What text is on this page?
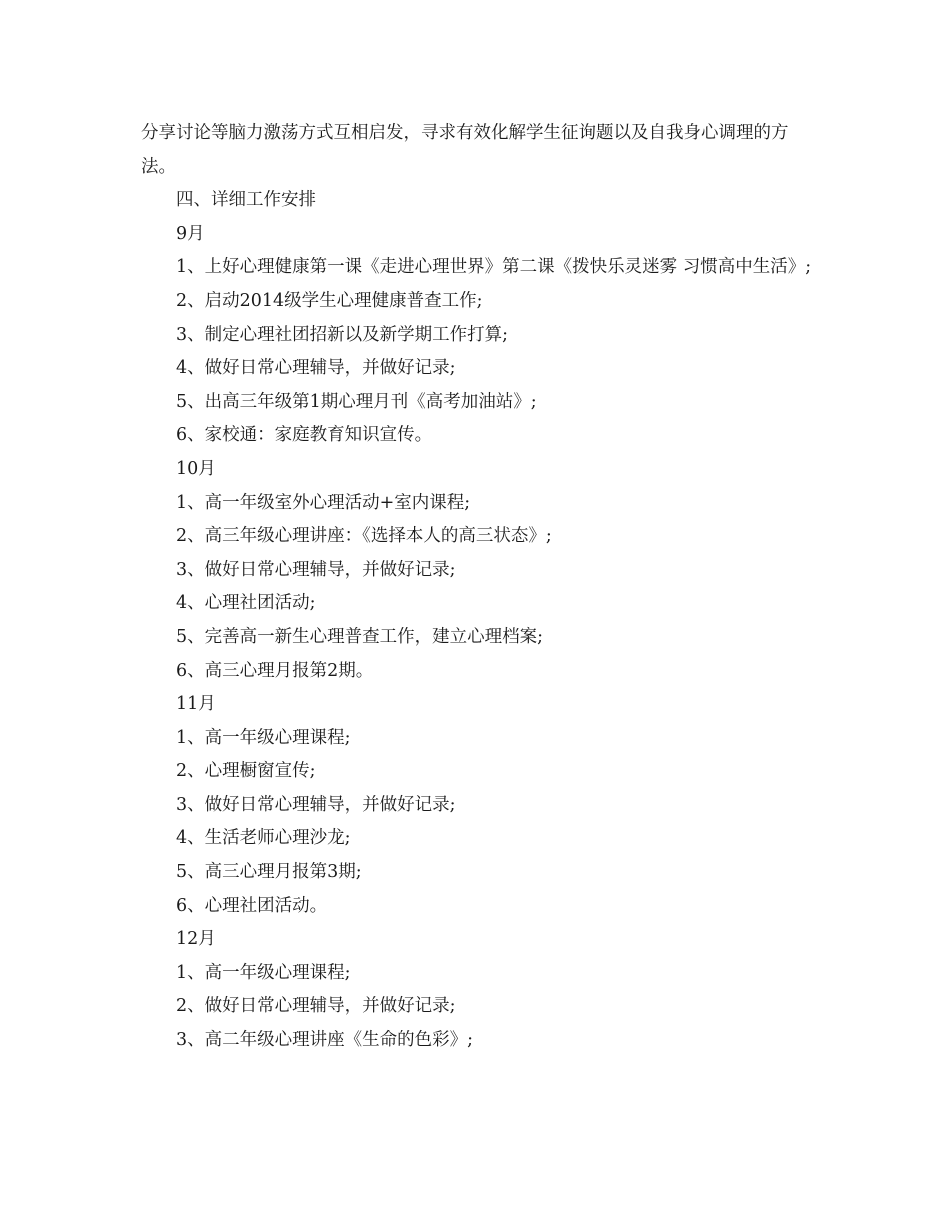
分享讨论等脑力激荡方式互相启发，寻求有效化解学生征询题以及自我身心调理的方法。

四、详细工作安排

9月

1、上好心理健康第一课《走进心理世界》第二课《拨快乐灵迷雾 习惯高中生活》;

2、启动2014级学生心理健康普查工作;

3、制定心理社团招新以及新学期工作打算;

4、做好日常心理辅导，并做好记录;

5、出高三年级第1期心理月刊《高考加油站》;

6、家校通：家庭教育知识宣传。

10月

1、高一年级室外心理活动+室内课程;

2、高三年级心理讲座：《选择本人的高三状态》;

3、做好日常心理辅导，并做好记录;

4、心理社团活动;

5、完善高一新生心理普查工作，建立心理档案;

6、高三心理月报第2期。

11月

1、高一年级心理课程;

2、心理橱窗宣传;

3、做好日常心理辅导，并做好记录;

4、生活老师心理沙龙;

5、高三心理月报第3期;

6、心理社团活动。

12月

1、高一年级心理课程;

2、做好日常心理辅导，并做好记录;

3、高二年级心理讲座《生命的色彩》;
